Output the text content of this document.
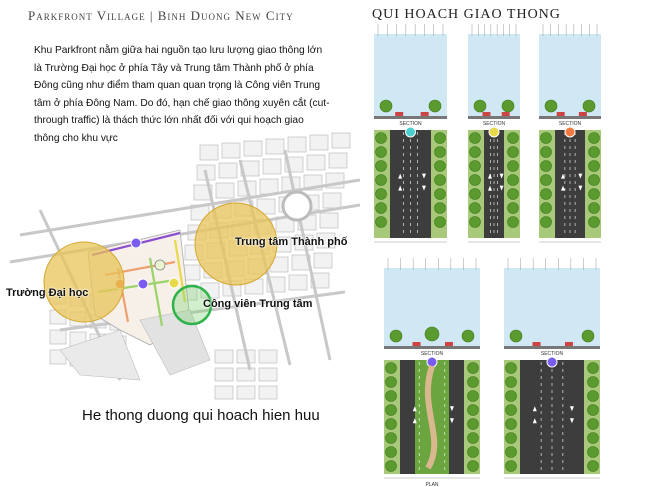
Parkfront Village | Binh Duong New City	QUI HOACH GIAO THONG
Khu Parkfront nằm giữa hai nguồn tạo lưu lượng giao thông lớn là Trường Đại học ở phía Tây và Trung tâm Thành phố ở phía Đông cũng như điểm tham quan quan trọng là Công viên Trung tâm ở phía Đông Nam. Do đó, hạn chế giao thông xuyên cắt (cut-through traffic) là thách thức lớn nhất đối với qui hoạch giao thông cho khu vực
Trường Đại học
Trung tâm Thành phố
Công viên Trung tâm
He thong duong qui hoach hien huu
SECTION	SECTION	SECTION
SECTION
PLAN
SECTION
